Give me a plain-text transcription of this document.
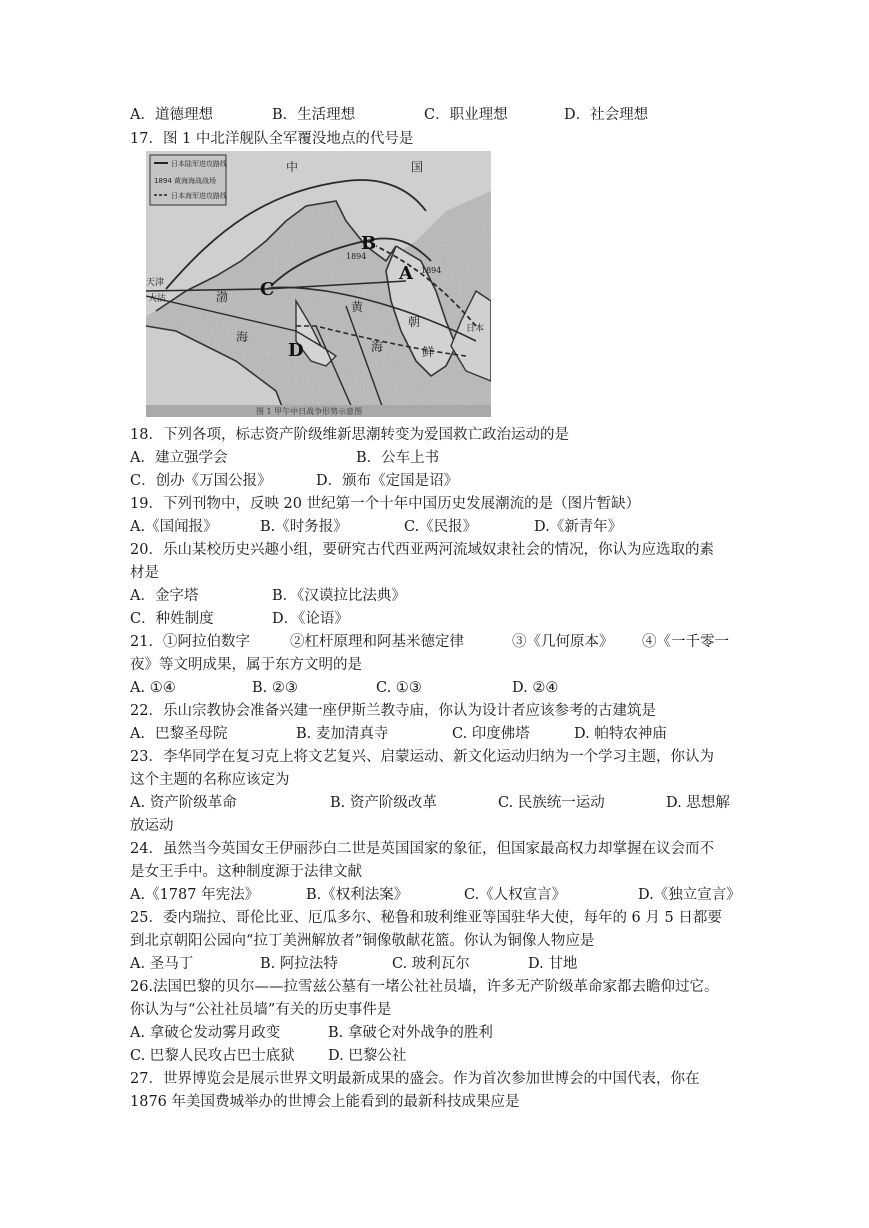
A．道德理想	B．生活理想	C．职业理想	D．社会理想
17．图 1 中北洋舰队全军覆没地点的代号是
日本陆军进攻路线
1894 黄海海战战场
日本海军进攻路线
中	国
朝
鲜
天津
大沽	渤
海
黄
海
日本
1894
1894
B
A
C
D
图 1 甲午中日战争形势示意图
18．下列各项，标志资产阶级维新思潮转变为爱国救亡政治运动的是
A．建立强学会	B．公车上书
C．创办《万国公报》	D．颁布《定国是诏》
19．下列刊物中，反映 20 世纪第一个十年中国历史发展潮流的是（图片暂缺）
A.《国闻报》	B.《时务报》	C.《民报》	D.《新青年》
20．乐山某校历史兴趣小组，要研究古代西亚两河流域奴隶社会的情况，你认为应选取的素
材是
A．金字塔	B．《汉谟拉比法典》
C．种姓制度	D．《论语》
21．①阿拉伯数字	②杠杆原理和阿基米德定律	③《几何原本》 ④《一千零一
夜》等文明成果，属于东方文明的是
A. ①④	B. ②③	C. ①③	D. ②④
22．乐山宗教协会准备兴建一座伊斯兰教寺庙，你认为设计者应该参考的古建筑是
A．巴黎圣母院	B. 麦加清真寺	C. 印度佛塔	D. 帕特农神庙
23．李华同学在复习克上将文艺复兴、启蒙运动、新文化运动归纳为一个学习主题，你认为
这个主题的名称应该定为
A. 资产阶级革命	B. 资产阶级改革	C. 民族统一运动	D. 思想解
放运动
24．虽然当今英国女王伊丽莎白二世是英国国家的象征，但国家最高权力却掌握在议会而不
是女王手中。这种制度源于法律文献
A.《1787 年宪法》	B.《权利法案》	C.《人权宣言》	D.《独立宣言》
25．委内瑞拉、哥伦比亚、厄瓜多尔、秘鲁和玻利维亚等国驻华大使，每年的 6 月 5 日都要
到北京朝阳公园向“拉丁美洲解放者”铜像敬献花篮。你认为铜像人物应是
A. 圣马丁	B. 阿拉法特	C. 玻利瓦尔	D. 甘地
26.法国巴黎的贝尔——拉雪兹公墓有一堵公社社员墙，许多无产阶级革命家都去瞻仰过它。
你认为与“公社社员墙”有关的历史事件是
A. 拿破仑发动雾月政变	B. 拿破仑对外战争的胜利
C. 巴黎人民攻占巴士底狱 D. 巴黎公社
27．世界博览会是展示世界文明最新成果的盛会。作为首次参加世博会的中国代表，你在
1876 年美国费城举办的世博会上能看到的最新科技成果应是
